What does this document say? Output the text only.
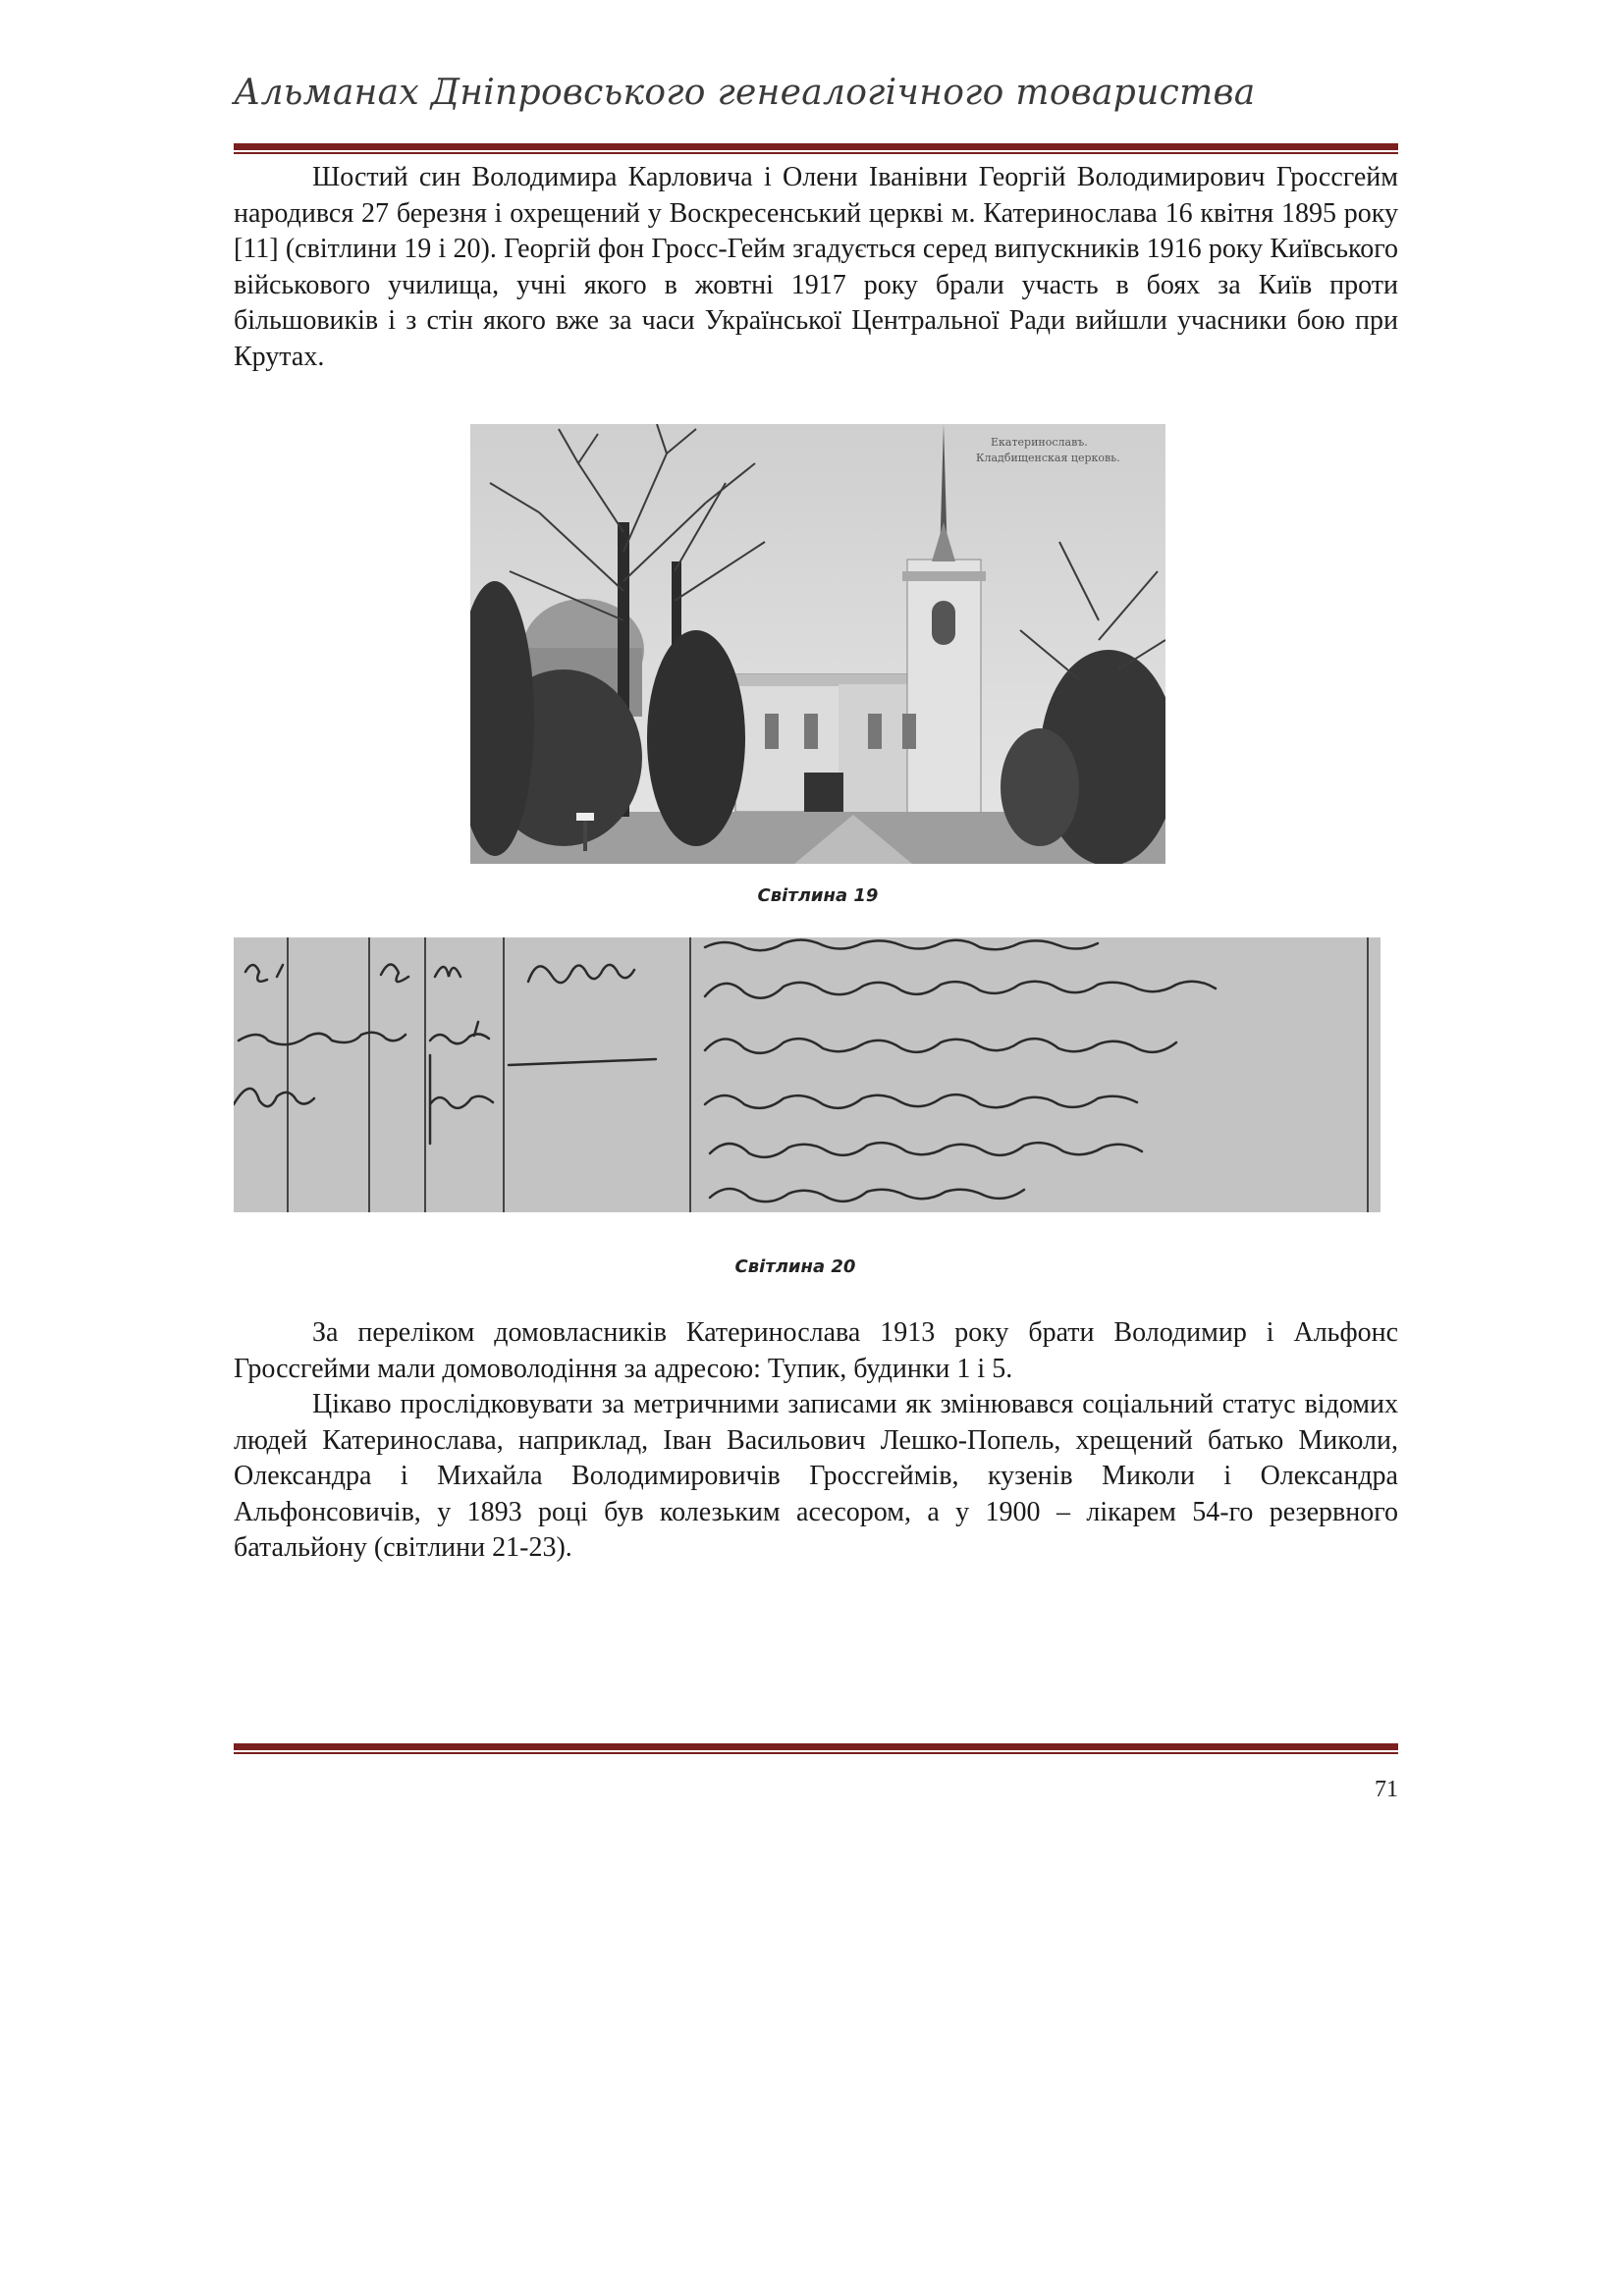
Альманах Дніпровського генеалогічного товариства

Шостий син Володимира Карловича і Олени Іванівни Георгій Володимирович Гроссгейм народився 27 березня і охрещений у Воскресенський церкві м. Катеринослава 16 квітня 1895 року [11] (світлини 19 і 20). Георгій фон Гросс-Гейм згадується серед випускників 1916 року Київського військового училища, учні якого в жовтні 1917 року брали участь в боях за Київ проти більшовиків і з стін якого вже за часи Української Центральної Ради вийшли учасники бою при Крутах.

Екатеринославъ.
Кладбищенская церковь.
Світлина 19
Світлина 20

За переліком домовласників Катеринослава 1913 року брати Володимир і Альфонс Гроссгейми мали домоволодіння за адресою: Тупик, будинки 1 і 5.

Цікаво прослідковувати за метричними записами як змінювався соціальний статус відомих людей Катеринослава, наприклад, Іван Васильович Лешко-Попель, хрещений батько Миколи, Олександра і Михайла Володимировичів Гроссгеймів, кузенів Миколи і Олександра Альфонсовичів, у 1893 році був колезьким асесором, а у 1900 – лікарем 54-го резервного батальйону (світлини 21-23).

71
